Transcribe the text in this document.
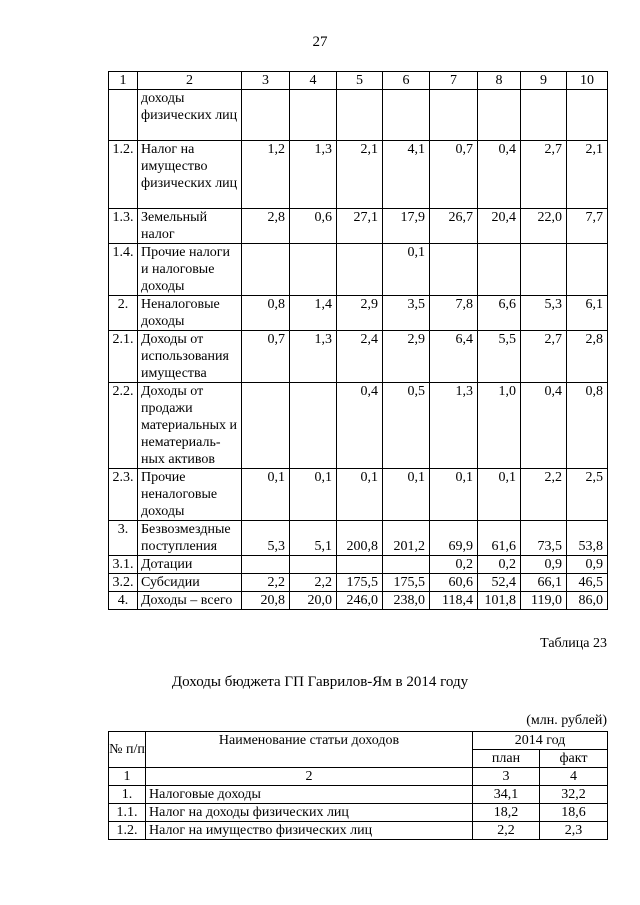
27
1	2	3	4	5	6	7	8	9	10
	доходы физических лиц								
1.2.	Налог на имущество физических лиц	1,2	1,3	2,1	4,1	0,7	0,4	2,7	2,1
1.3.	Земельный налог	2,8	0,6	27,1	17,9	26,7	20,4	22,0	7,7
1.4.	Прочие налоги и налоговые доходы				0,1				
2.	Неналоговые доходы	0,8	1,4	2,9	3,5	7,8	6,6	5,3	6,1
2.1.	Доходы от использования имущества	0,7	1,3	2,4	2,9	6,4	5,5	2,7	2,8
2.2.	Доходы от продажи материальных и нематериаль-ных активов			0,4	0,5	1,3	1,0	0,4	0,8
2.3.	Прочие неналоговые доходы	0,1	0,1	0,1	0,1	0,1	0,1	2,2	2,5
3.	Безвозмездные поступления	5,3	5,1	200,8	201,2	69,9	61,6	73,5	53,8
3.1.	Дотации					0,2	0,2	0,9	0,9
3.2.	Субсидии	2,2	2,2	175,5	175,5	60,6	52,4	66,1	46,5
4.	Доходы – всего	20,8	20,0	246,0	238,0	118,4	101,8	119,0	86,0
Таблица 23
Доходы бюджета ГП Гаврилов-Ям в 2014 году
(млн. рублей)
№ п/п	Наименование статьи доходов	2014 год	
		план	факт
1	2	3	4
1.	Налоговые доходы	34,1	32,2
1.1.	Налог на доходы физических лиц	18,2	18,6
1.2.	Налог на имущество физических лиц	2,2	2,3
